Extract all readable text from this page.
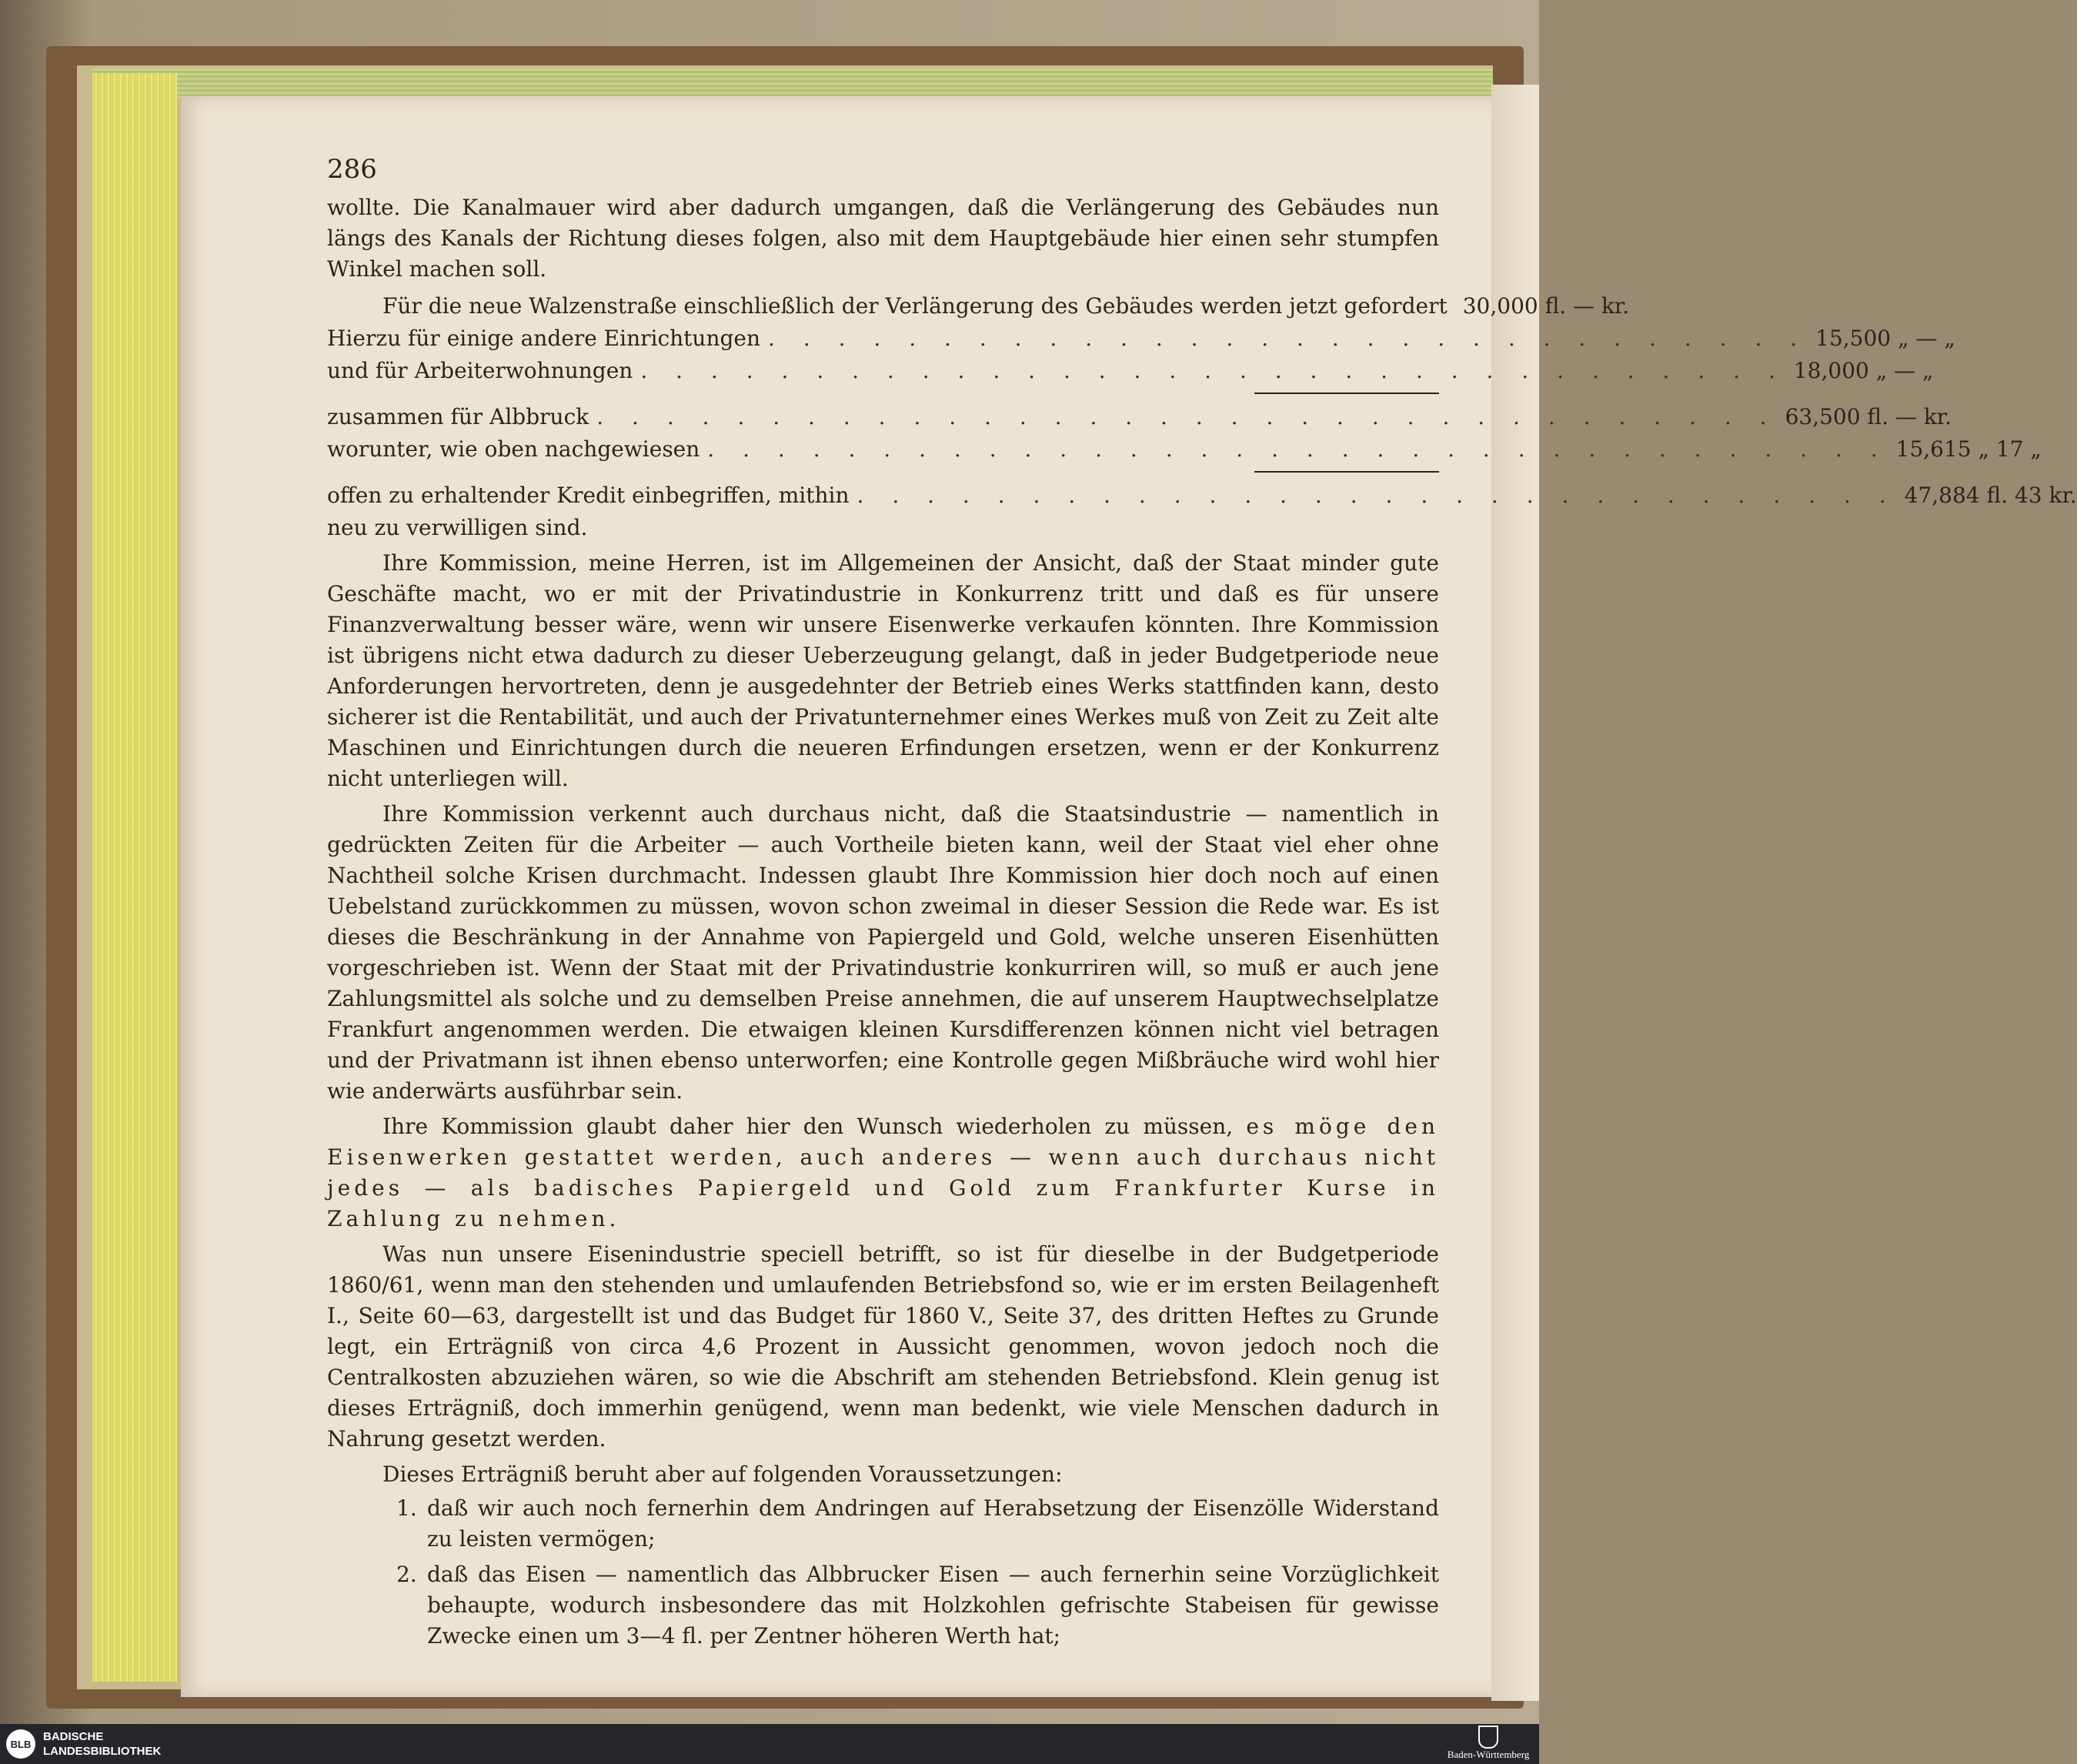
286

wollte. Die Kanalmauer wird aber dadurch umgangen, daß die Verlängerung des Gebäudes nun längs des Kanals der Richtung dieses folgen, also mit dem Hauptgebäude hier einen sehr stumpfen Winkel machen soll.

Für die neue Walzenstraße einschließlich der Verlängerung des Gebäudes werden jetzt gefordert 30,000 fl. — kr.
Hierzu für einige andere Einrichtungen . . . . . . . . . . . . . . . . . . . . . . . . . . . . . . 15,500 „ — „
und für Arbeiterwohnungen . . . . . . . . . . . . . . . . . . . . . . . . . . . . . . . . . 18,000 „ — „
zusammen für Albbruck . . . . . . . . . . . . . . . . . . . . . . . . . . . . . . . . . . 63,500 fl. — kr.
worunter, wie oben nachgewiesen . . . . . . . . . . . . . . . . . . . . . . . . . . . . . . . . . . 15,615 „ 17 „
offen zu erhaltender Kredit einbegriffen, mithin . . . . . . . . . . . . . . . . . . . . . . . . . . . . . . 47,884 fl. 43 kr.

neu zu verwilligen sind.

Ihre Kommission, meine Herren, ist im Allgemeinen der Ansicht, daß der Staat minder gute Geschäfte macht, wo er mit der Privatindustrie in Konkurrenz tritt und daß es für unsere Finanzverwaltung besser wäre, wenn wir unsere Eisenwerke verkaufen könnten. Ihre Kommission ist übrigens nicht etwa dadurch zu dieser Ueberzeugung gelangt, daß in jeder Budgetperiode neue Anforderungen hervortreten, denn je ausgedehnter der Betrieb eines Werks stattfinden kann, desto sicherer ist die Rentabilität, und auch der Privatunternehmer eines Werkes muß von Zeit zu Zeit alte Maschinen und Einrichtungen durch die neueren Erfindungen ersetzen, wenn er der Konkurrenz nicht unterliegen will.

Ihre Kommission verkennt auch durchaus nicht, daß die Staatsindustrie — namentlich in gedrückten Zeiten für die Arbeiter — auch Vortheile bieten kann, weil der Staat viel eher ohne Nachtheil solche Krisen durchmacht. Indessen glaubt Ihre Kommission hier doch noch auf einen Uebelstand zurückkommen zu müssen, wovon schon zweimal in dieser Session die Rede war. Es ist dieses die Beschränkung in der Annahme von Papiergeld und Gold, welche unseren Eisenhütten vorgeschrieben ist. Wenn der Staat mit der Privatindustrie konkurriren will, so muß er auch jene Zahlungsmittel als solche und zu demselben Preise annehmen, die auf unserem Hauptwechselplatze Frankfurt angenommen werden. Die etwaigen kleinen Kursdifferenzen können nicht viel betragen und der Privatmann ist ihnen ebenso unterworfen; eine Kontrolle gegen Mißbräuche wird wohl hier wie anderwärts ausführbar sein.

Ihre Kommission glaubt daher hier den Wunsch wiederholen zu müssen, es möge den Eisenwerken gestattet werden, auch anderes — wenn auch durchaus nicht jedes — als badisches Papiergeld und Gold zum Frankfurter Kurse in Zahlung zu nehmen.

Was nun unsere Eisenindustrie speciell betrifft, so ist für dieselbe in der Budgetperiode 1860/61, wenn man den stehenden und umlaufenden Betriebsfond so, wie er im ersten Beilagenheft I., Seite 60—63, dargestellt ist und das Budget für 1860 V., Seite 37, des dritten Heftes zu Grunde legt, ein Erträgniß von circa 4,6 Prozent in Aussicht genommen, wovon jedoch noch die Centralkosten abzuziehen wären, so wie die Abschrift am stehenden Betriebsfond. Klein genug ist dieses Erträgniß, doch immerhin genügend, wenn man bedenkt, wie viele Menschen dadurch in Nahrung gesetzt werden.

Dieses Erträgniß beruht aber auf folgenden Voraussetzungen:

1. daß wir auch noch fernerhin dem Andringen auf Herabsetzung der Eisenzölle Widerstand zu leisten vermögen;
2. daß das Eisen — namentlich das Albbrucker Eisen — auch fernerhin seine Vorzüglichkeit behaupte, wodurch insbesondere das mit Holzkohlen gefrischte Stabeisen für gewisse Zwecke einen um 3—4 fl. per Zentner höheren Werth hat;
BLB
BADISCHE
LANDESBIBLIOTHEK	Baden-Württemberg
